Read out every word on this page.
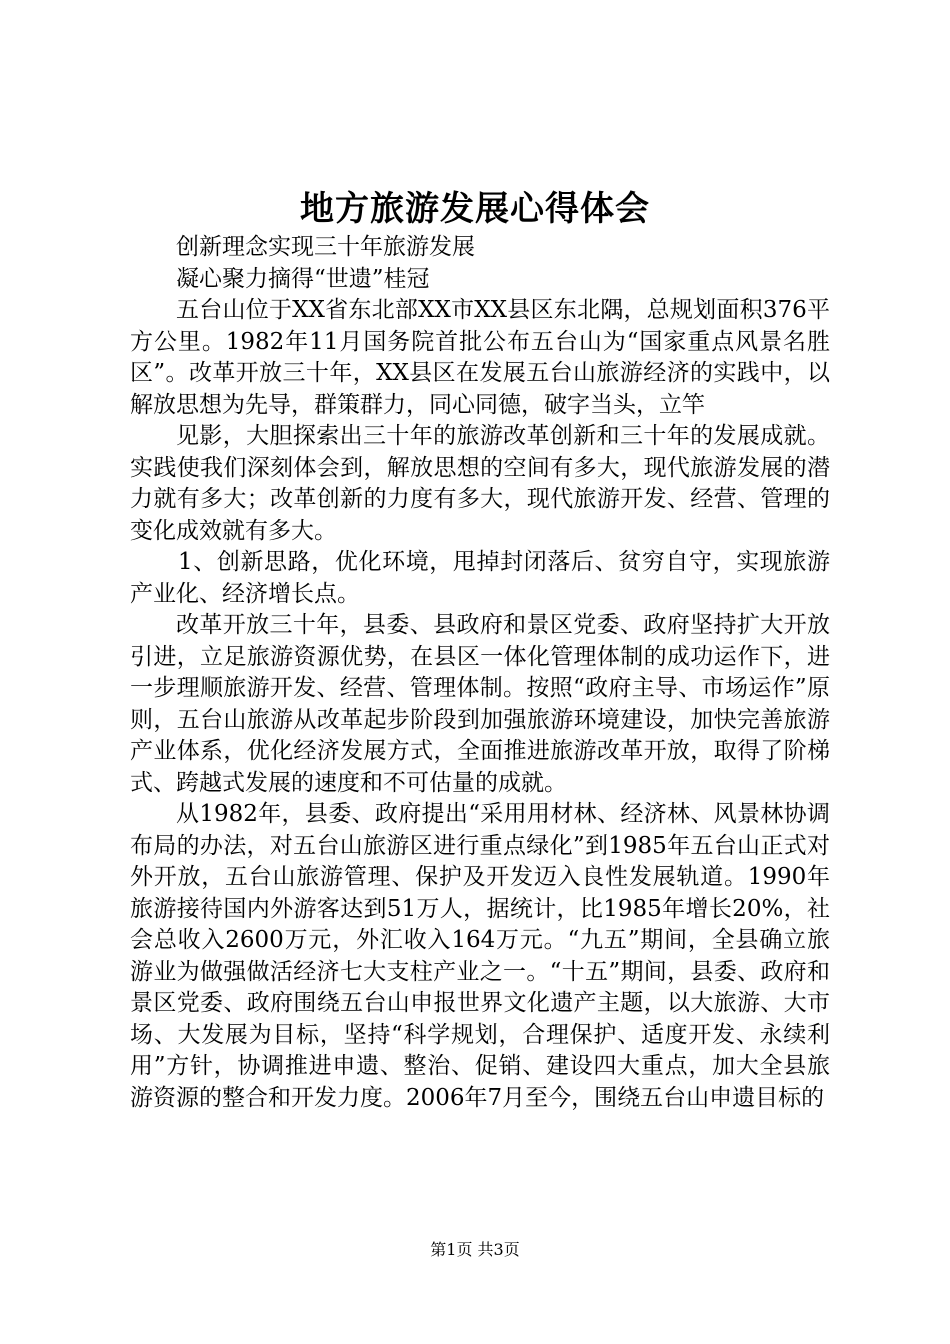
地方旅游发展心得体会

创新理念实现三十年旅游发展

凝心聚力摘得“世遗”桂冠

五台山位于XX省东北部XX市XX县区东北隅，总规划面积376平方公里。1982年11月国务院首批公布五台山为“国家重点风景名胜区”。改革开放三十年，XX县区在发展五台山旅游经济的实践中，以解放思想为先导，群策群力，同心同德，破字当头，立竿

见影，大胆探索出三十年的旅游改革创新和三十年的发展成就。实践使我们深刻体会到，解放思想的空间有多大，现代旅游发展的潜力就有多大；改革创新的力度有多大，现代旅游开发、经营、管理的变化成效就有多大。

1、创新思路，优化环境，甩掉封闭落后、贫穷自守，实现旅游产业化、经济增长点。

改革开放三十年，县委、县政府和景区党委、政府坚持扩大开放引进，立足旅游资源优势，在县区一体化管理体制的成功运作下，进一步理顺旅游开发、经营、管理体制。按照“政府主导、市场运作”原则，五台山旅游从改革起步阶段到加强旅游环境建设，加快完善旅游产业体系，优化经济发展方式，全面推进旅游改革开放，取得了阶梯式、跨越式发展的速度和不可估量的成就。

从1982年，县委、政府提出“采用用材林、经济林、风景林协调布局的办法，对五台山旅游区进行重点绿化”到1985年五台山正式对外开放，五台山旅游管理、保护及开发迈入良性发展轨道。1990年旅游接待国内外游客达到51万人，据统计，比1985年增长20%，社会总收入2600万元，外汇收入164万元。“九五”期间，全县确立旅游业为做强做活经济七大支柱产业之一。“十五”期间，县委、政府和景区党委、政府围绕五台山申报世界文化遗产主题，以大旅游、大市场、大发展为目标，坚持“科学规划，合理保护、适度开发、永续利用”方针，协调推进申遗、整治、促销、建设四大重点，加大全县旅游资源的整合和开发力度。2006年7月至今，围绕五台山申遗目标的

第1页 共3页
